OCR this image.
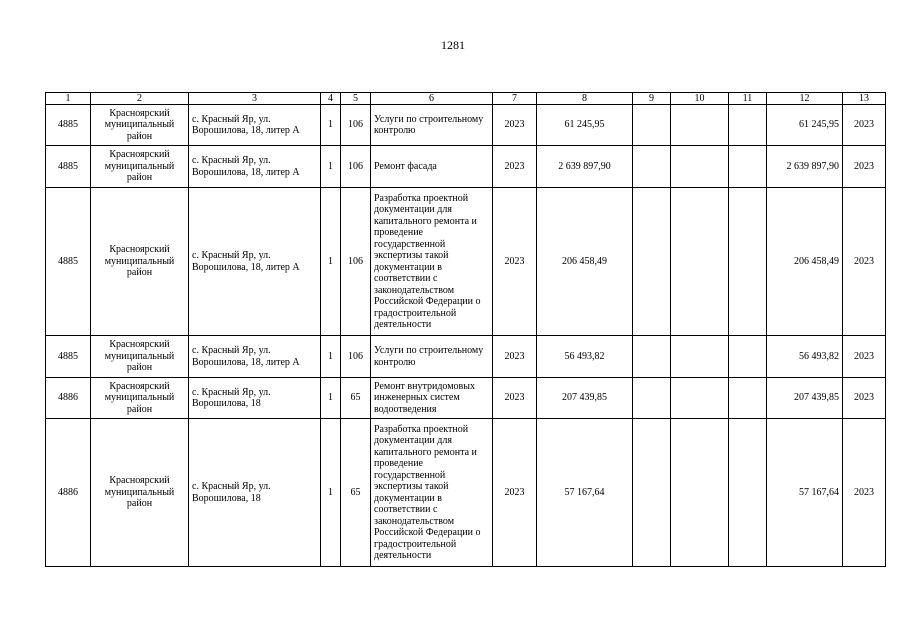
1281
1	2	3	4	5	6	7	8	9	10	11	12	13
4885	Красноярский муниципальный район	с. Красный Яр, ул. Ворошилова, 18, литер А	1	106	Услуги по строительному контролю	2023	61 245,95				61 245,95	2023
4885	Красноярский муниципальный район	с. Красный Яр, ул. Ворошилова, 18, литер А	1	106	Ремонт фасада	2023	2 639 897,90				2 639 897,90	2023
4885	Красноярский муниципальный район	с. Красный Яр, ул. Ворошилова, 18, литер А	1	106	Разработка проектной документации для капитального ремонта и проведение государственной экспертизы такой документации в соответствии с законодательством Российской Федерации о градостроительной деятельности	2023	206 458,49				206 458,49	2023
4885	Красноярский муниципальный район	с. Красный Яр, ул. Ворошилова, 18, литер А	1	106	Услуги по строительному контролю	2023	56 493,82				56 493,82	2023
4886	Красноярский муниципальный район	с. Красный Яр, ул. Ворошилова, 18	1	65	Ремонт внутридомовых инженерных систем водоотведения	2023	207 439,85				207 439,85	2023
4886	Красноярский муниципальный район	с. Красный Яр, ул. Ворошилова, 18	1	65	Разработка проектной документации для капитального ремонта и проведение государственной экспертизы такой документации в соответствии с законодательством Российской Федерации о градостроительной деятельности	2023	57 167,64				57 167,64	2023
